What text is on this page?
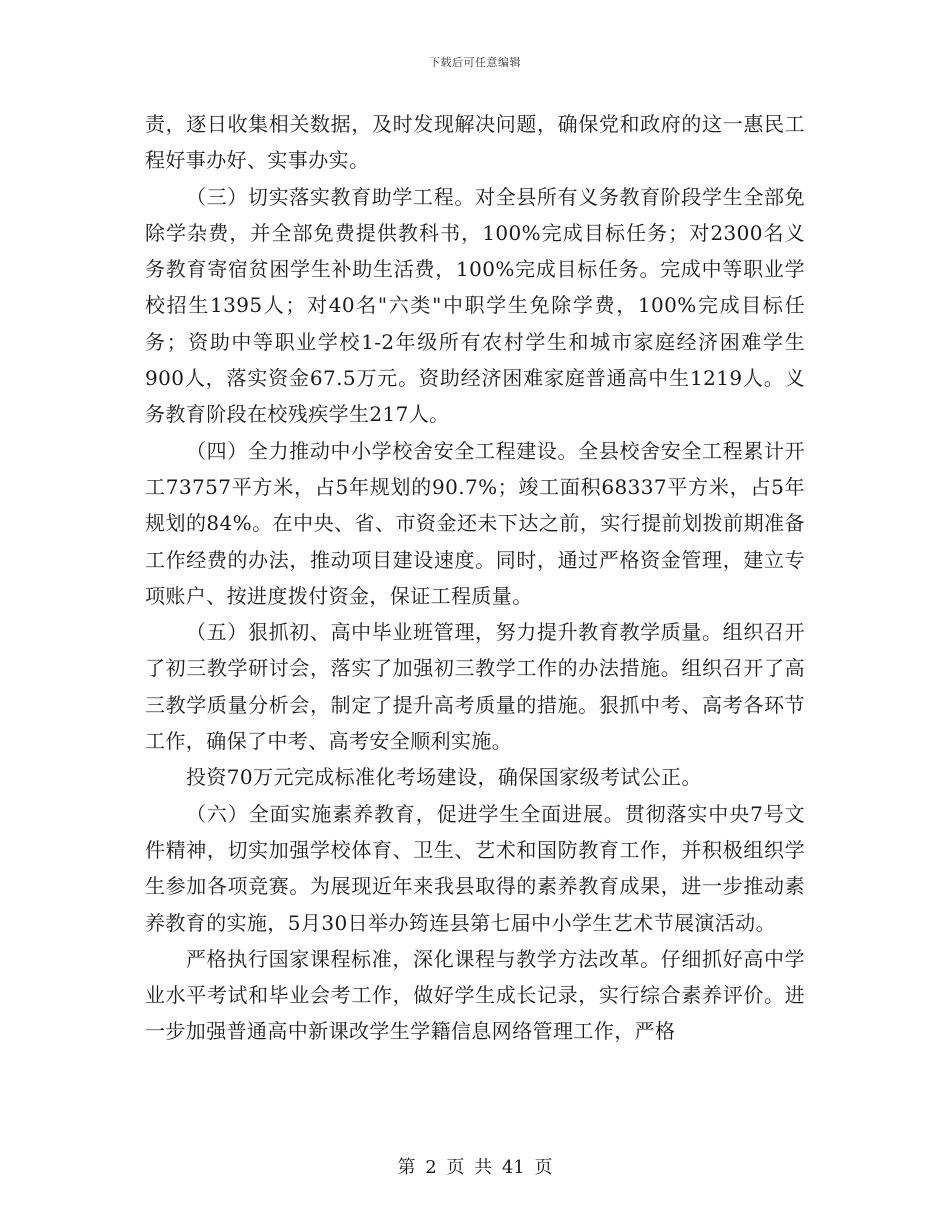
下载后可任意编辑

责，逐日收集相关数据，及时发现解决问题，确保党和政府的这一惠民工程好事办好、实事办实。

（三）切实落实教育助学工程。对全县所有义务教育阶段学生全部免除学杂费，并全部免费提供教科书，100%完成目标任务；对2300名义务教育寄宿贫困学生补助生活费，100%完成目标任务。完成中等职业学校招生1395人；对40名"六类"中职学生免除学费，100%完成目标任务；资助中等职业学校1-2年级所有农村学生和城市家庭经济困难学生900人，落实资金67.5万元。资助经济困难家庭普通高中生1219人。义务教育阶段在校残疾学生217人。

（四）全力推动中小学校舍安全工程建设。全县校舍安全工程累计开工73757平方米，占5年规划的90.7%；竣工面积68337平方米，占5年规划的84%。在中央、省、市资金还未下达之前，实行提前划拨前期准备工作经费的办法，推动项目建设速度。同时，通过严格资金管理，建立专项账户、按进度拨付资金，保证工程质量。

（五）狠抓初、高中毕业班管理，努力提升教育教学质量。组织召开了初三教学研讨会，落实了加强初三教学工作的办法措施。组织召开了高三教学质量分析会，制定了提升高考质量的措施。狠抓中考、高考各环节工作，确保了中考、高考安全顺利实施。

投资70万元完成标准化考场建设，确保国家级考试公正。

（六）全面实施素养教育，促进学生全面进展。贯彻落实中央7号文件精神，切实加强学校体育、卫生、艺术和国防教育工作，并积极组织学生参加各项竞赛。为展现近年来我县取得的素养教育成果，进一步推动素养教育的实施，5月30日举办筠连县第七届中小学生艺术节展演活动。

严格执行国家课程标准，深化课程与教学方法改革。仔细抓好高中学业水平考试和毕业会考工作，做好学生成长记录，实行综合素养评价。进一步加强普通高中新课改学生学籍信息网络管理工作，严格

第 2 页 共 41 页
